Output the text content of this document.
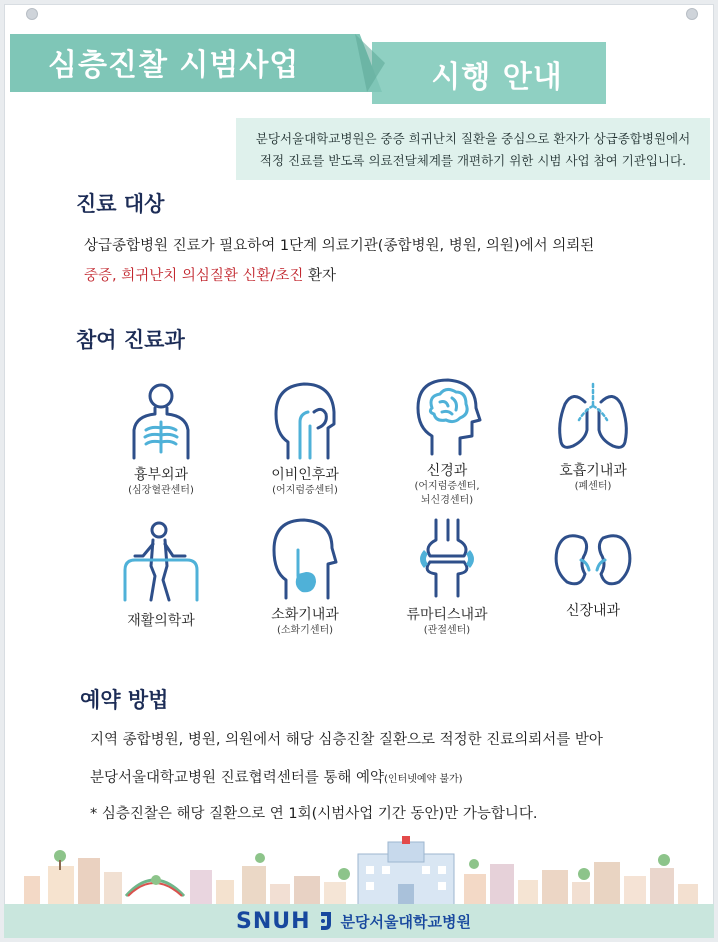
심층진찰 시범사업	시행 안내
분당서울대학교병원은 중증 희귀난치 질환을 중심으로 환자가 상급종합병원에서
적정 진료를 받도록 의료전달체계를 개편하기 위한 시범 사업 참여 기관입니다.
진료 대상
상급종합병원 진료가 필요하여 1단계 의료기관(종합병원, 병원, 의원)에서 의뢰된
중증, 희귀난치 의심질환 신환/초진 환자
참여 진료과
흉부외과
(심장혈관센터)
이비인후과
(어지럼증센터)
신경과
(어지럼증센터,
뇌신경센터)
호흡기내과
(폐센터)
재활의학과	소화기내과
(소화기센터)
류마티스내과
(관절센터)
신장내과
예약 방법
지역 종합병원, 병원, 의원에서 해당 심층진찰 질환으로 적정한 진료의뢰서를 받아
분당서울대학교병원 진료협력센터를 통해 예약(인터넷예약 불가)
* 심층진찰은 해당 질환으로 연 1회(시범사업 기간 동안)만 가능합니다.
SNUH 분당서울대학교병원
